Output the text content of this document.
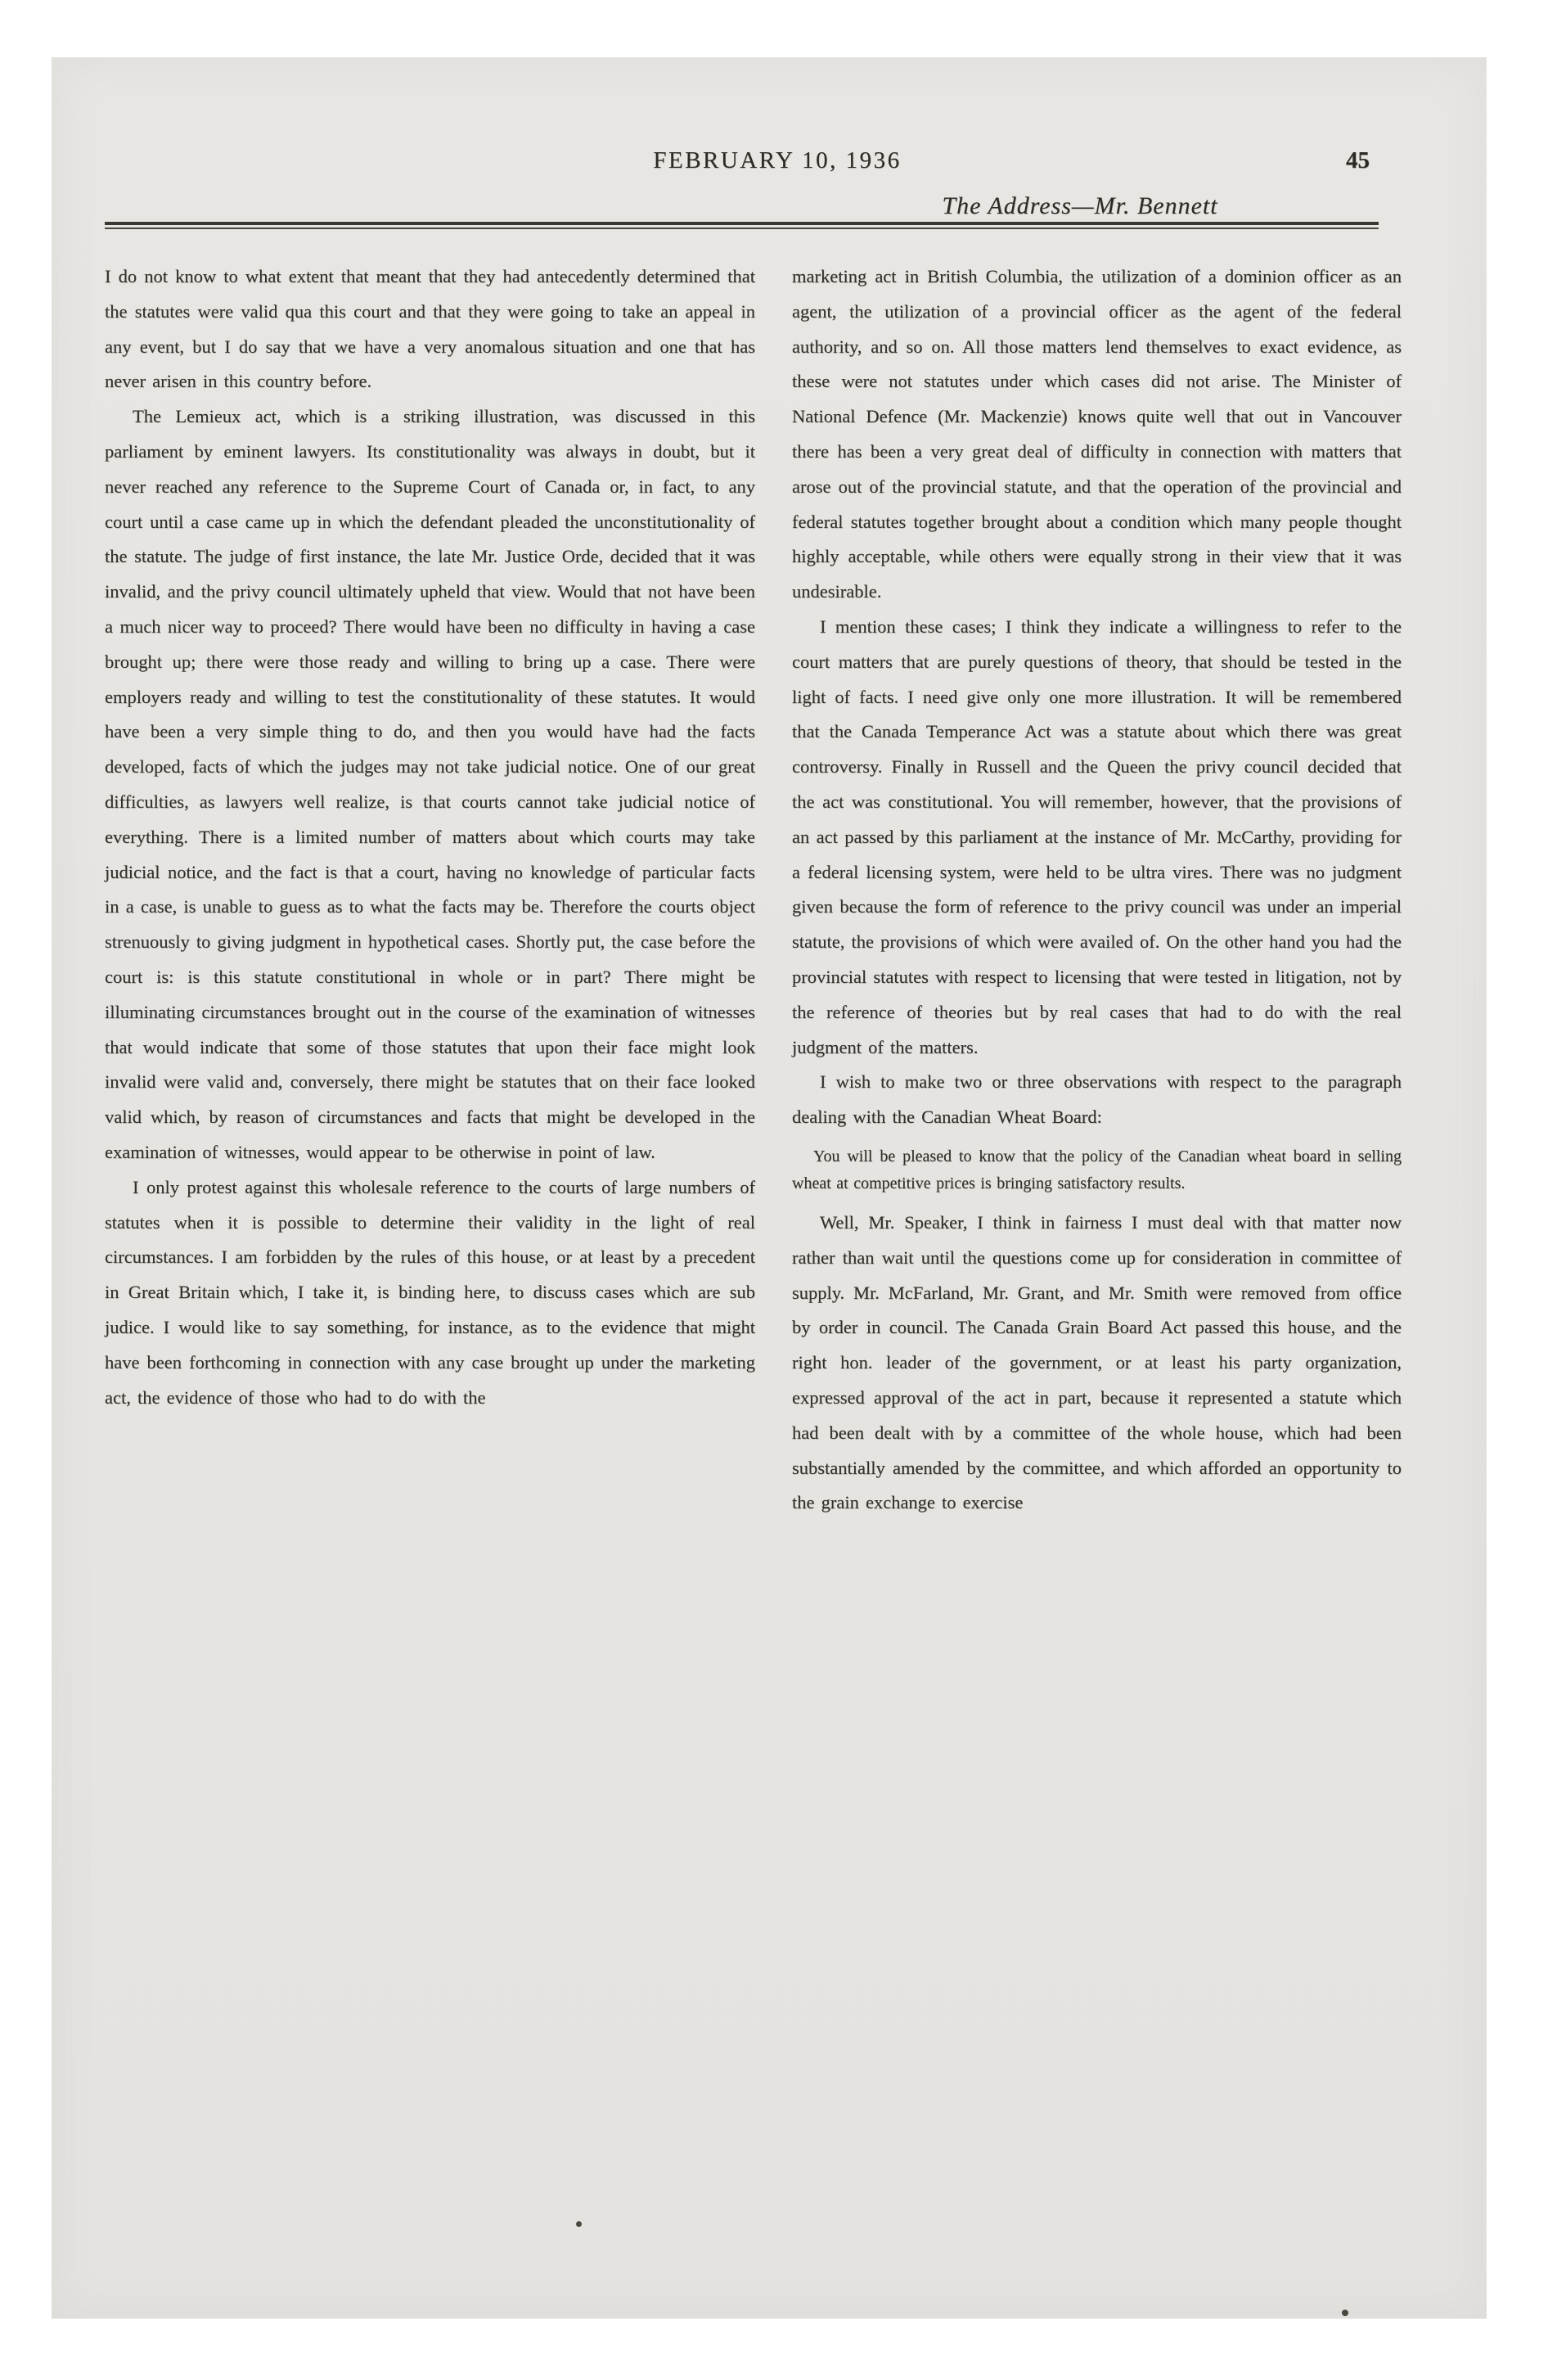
FEBRUARY 10, 1936	45
The Address—Mr. Bennett

I do not know to what extent that meant that they had antecedently determined that the statutes were valid qua this court and that they were going to take an appeal in any event, but I do say that we have a very anomalous situation and one that has never arisen in this country before.

The Lemieux act, which is a striking illustration, was discussed in this parliament by eminent lawyers. Its constitutionality was always in doubt, but it never reached any reference to the Supreme Court of Canada or, in fact, to any court until a case came up in which the defendant pleaded the unconstitutionality of the statute. The judge of first instance, the late Mr. Justice Orde, decided that it was invalid, and the privy council ultimately upheld that view. Would that not have been a much nicer way to proceed? There would have been no difficulty in having a case brought up; there were those ready and willing to bring up a case. There were employers ready and willing to test the constitutionality of these statutes. It would have been a very simple thing to do, and then you would have had the facts developed, facts of which the judges may not take judicial notice. One of our great difficulties, as lawyers well realize, is that courts cannot take judicial notice of everything. There is a limited number of matters about which courts may take judicial notice, and the fact is that a court, having no knowledge of particular facts in a case, is unable to guess as to what the facts may be. Therefore the courts object strenuously to giving judgment in hypothetical cases. Shortly put, the case before the court is: is this statute constitutional in whole or in part? There might be illuminating circumstances brought out in the course of the examination of witnesses that would indicate that some of those statutes that upon their face might look invalid were valid and, conversely, there might be statutes that on their face looked valid which, by reason of circumstances and facts that might be developed in the examination of witnesses, would appear to be otherwise in point of law.

I only protest against this wholesale reference to the courts of large numbers of statutes when it is possible to determine their validity in the light of real circumstances. I am forbidden by the rules of this house, or at least by a precedent in Great Britain which, I take it, is binding here, to discuss cases which are sub judice. I would like to say something, for instance, as to the evidence that might have been forthcoming in connection with any case brought up under the marketing act, the evidence of those who had to do with the

marketing act in British Columbia, the utilization of a dominion officer as an agent, the utilization of a provincial officer as the agent of the federal authority, and so on. All those matters lend themselves to exact evidence, as these were not statutes under which cases did not arise. The Minister of National Defence (Mr. Mackenzie) knows quite well that out in Vancouver there has been a very great deal of difficulty in connection with matters that arose out of the provincial statute, and that the operation of the provincial and federal statutes together brought about a condition which many people thought highly acceptable, while others were equally strong in their view that it was undesirable.

I mention these cases; I think they indicate a willingness to refer to the court matters that are purely questions of theory, that should be tested in the light of facts. I need give only one more illustration. It will be remembered that the Canada Temperance Act was a statute about which there was great controversy. Finally in Russell and the Queen the privy council decided that the act was constitutional. You will remember, however, that the provisions of an act passed by this parliament at the instance of Mr. McCarthy, providing for a federal licensing system, were held to be ultra vires. There was no judgment given because the form of reference to the privy council was under an imperial statute, the provisions of which were availed of. On the other hand you had the provincial statutes with respect to licensing that were tested in litigation, not by the reference of theories but by real cases that had to do with the real judgment of the matters.

I wish to make two or three observations with respect to the paragraph dealing with the Canadian Wheat Board:

You will be pleased to know that the policy of the Canadian wheat board in selling wheat at competitive prices is bringing satisfactory results.

Well, Mr. Speaker, I think in fairness I must deal with that matter now rather than wait until the questions come up for consideration in committee of supply. Mr. McFarland, Mr. Grant, and Mr. Smith were removed from office by order in council. The Canada Grain Board Act passed this house, and the right hon. leader of the government, or at least his party organization, expressed approval of the act in part, because it represented a statute which had been dealt with by a committee of the whole house, which had been substantially amended by the committee, and which afforded an opportunity to the grain exchange to exercise
